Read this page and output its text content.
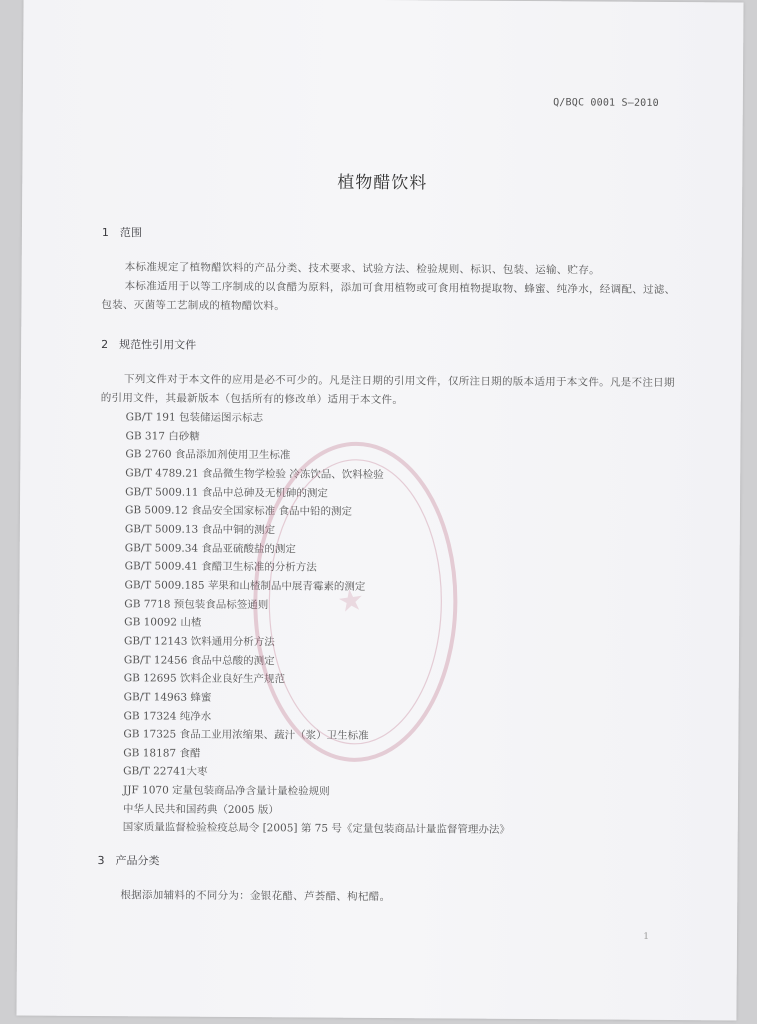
Q/BQC 0001 S—2010
植物醋饮料
1 范围

本标准规定了植物醋饮料的产品分类、技术要求、试验方法、检验规则、标识、包装、运输、贮存。

本标准适用于以等工序制成的以食醋为原料，添加可食用植物或可食用植物提取物、蜂蜜、纯净水，经调配、过滤、包装、灭菌等工艺制成的植物醋饮料。

2 规范性引用文件

下列文件对于本文件的应用是必不可少的。凡是注日期的引用文件，仅所注日期的版本适用于本文件。凡是不注日期的引用文件，其最新版本（包括所有的修改单）适用于本文件。

GB/T 191 包装储运图示标志
GB 317 白砂糖
GB 2760 食品添加剂使用卫生标准
GB/T 4789.21 食品微生物学检验 冷冻饮品、饮料检验
GB/T 5009.11 食品中总砷及无机砷的测定
GB 5009.12 食品安全国家标准 食品中铅的测定
GB/T 5009.13 食品中铜的测定
GB/T 5009.34 食品亚硫酸盐的测定
GB/T 5009.41 食醋卫生标准的分析方法
GB/T 5009.185 苹果和山楂制品中展青霉素的测定
GB 7718 预包装食品标签通则
GB 10092 山楂
GB/T 12143 饮料通用分析方法
GB/T 12456 食品中总酸的测定
GB 12695 饮料企业良好生产规范
GB/T 14963 蜂蜜
GB 17324 纯净水
GB 17325 食品工业用浓缩果、蔬汁（浆）卫生标准
GB 18187 食醋
GB/T 22741大枣
JJF 1070 定量包装商品净含量计量检验规则
中华人民共和国药典（2005 版）
国家质量监督检验检疫总局令 [2005] 第 75 号《定量包装商品计量监督管理办法》
★
3 产品分类

根据添加辅料的不同分为：金银花醋、芦荟醋、枸杞醋。

1
